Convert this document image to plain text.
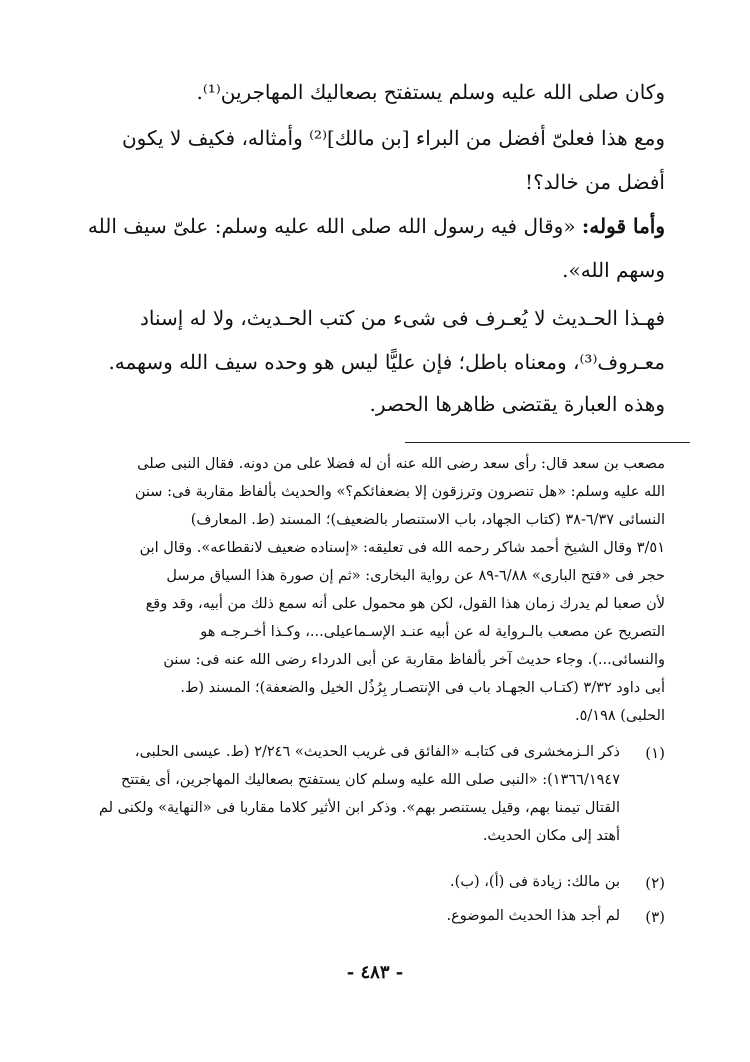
وكان صلى الله عليه وسلم يستفتح بصعاليك المهاجرين⁽¹⁾.
ومع هذا فعلىّ أفضل من البراء [بن مالك]⁽²⁾ وأمثاله، فكيف لا يكون
أفضل من خالد؟!
وأما قوله: «وقال فيه رسول الله صلى الله عليه وسلم: علىّ سيف الله
وسهم الله».
فهـذا الحـديث لا يُعـرف فى شىء من كتب الحـديث، ولا له إسناد
معـروف⁽³⁾، ومعناه باطل؛ فإن عليًّا ليس هو وحده سيف الله وسهمه.
وهذه العبارة يقتضى ظاهرها الحصر.
مصعب بن سعد قال: رأى سعد رضى الله عنه أن له فضلا على من دونه. فقال النبى صلى
الله عليه وسلم: «هل تنصرون وترزقون إلا بضعفائكم؟» والحديث بألفاظ مقاربة فى: سنن
النسائى ٦/٣٧-٣٨ (كتاب الجهاد، باب الاستنصار بالضعيف)؛ المسند (ط. المعارف)
٣/٥١ وقال الشيخ أحمد شاكر رحمه الله فى تعليقه: «إسناده ضعيف لانقطاعه». وقال ابن
حجر فى «فتح البارى» ٦/٨٨-٨٩ عن رواية البخارى: «ثم إن صورة هذا السياق مرسل
لأن صعبا لم يدرك زمان هذا القول، لكن هو محمول على أنه سمع ذلك من أبيه، وقد وقع
التصريح عن مصعب بالـرواية له عن أبيه عنـد الإسـماعيلى...، وكـذا أخـرجـه هو
والنسائى...). وجاء حديث آخر بألفاظ مقاربة عن أبى الدرداء رضى الله عنه فى: سنن
أبى داود ٣/٣٢ (كتـاب الجهـاد باب فى الإنتصـار بِرُذُل الخيل والضعفة)؛ المسند (ط.
الحلبى) ٥/١٩٨.
(١)
ذكر الـزمخشرى فى كتابـه «الفائق فى غريب الحديث» ٢/٢٤٦ (ط. عيسى الحلبى،
١٣٦٦/١٩٤٧): «النبى صلى الله عليه وسلم كان يستفتح بصعاليك المهاجرين، أى يفتتح
القتال تيمنا بهم، وقيل يستنصر بهم». وذكر ابن الأثير كلاما مقاربا فى «النهاية» ولكنى لم
أهتد إلى مكان الحديث.
(٢)
بن مالك: زيادة فى (أ)، (ب).
(٣)
لم أجد هذا الحديث الموضوع.
- ٤٨٣ -
